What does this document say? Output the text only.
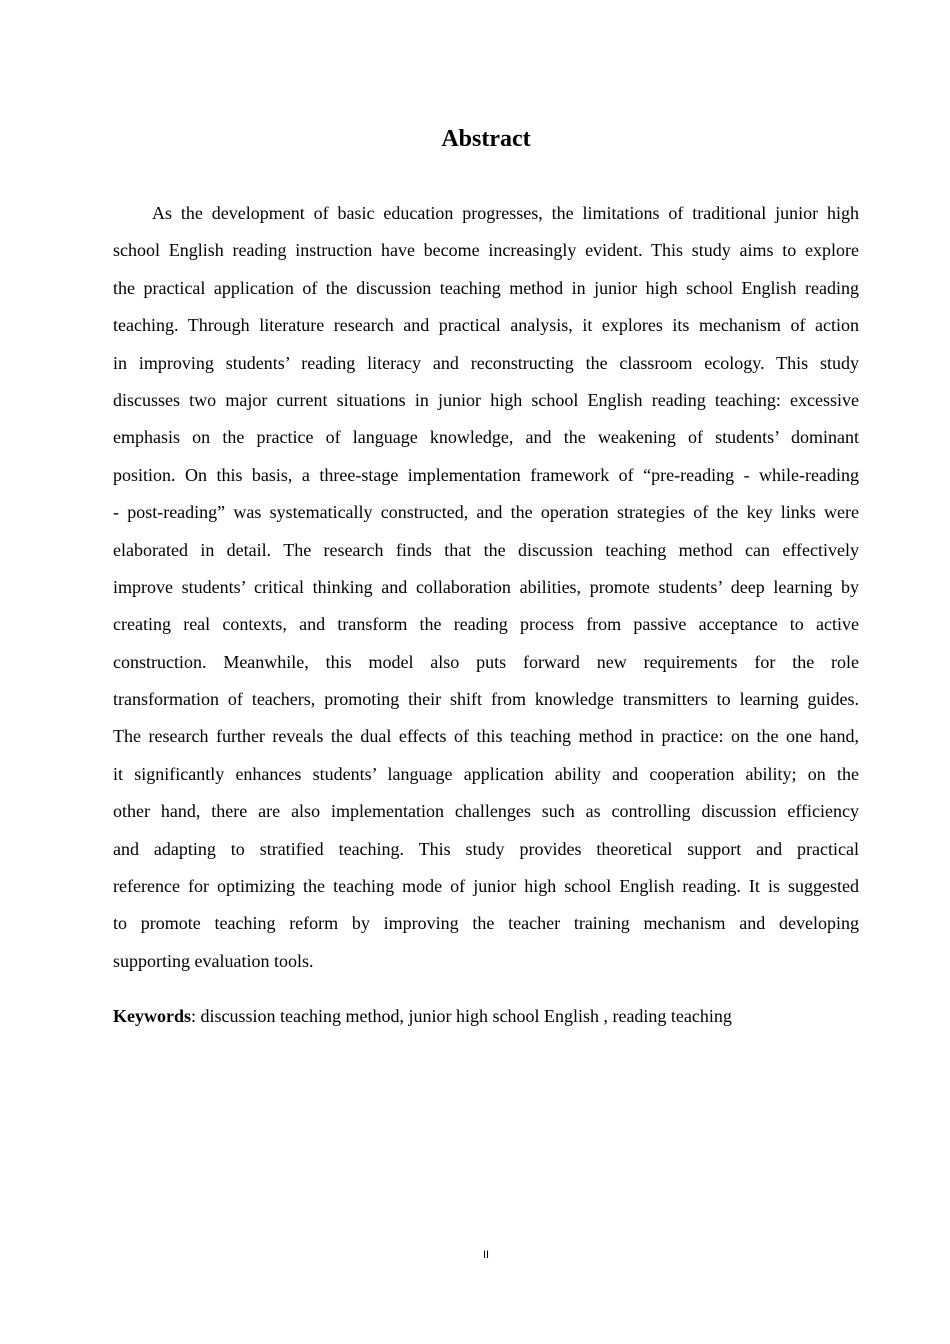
Abstract
As the development of basic education progresses, the limitations of traditional junior high
school English reading instruction have become increasingly evident. This study aims to explore
the practical application of the discussion teaching method in junior high school English reading
teaching. Through literature research and practical analysis, it explores its mechanism of action
in improving students’ reading literacy and reconstructing the classroom ecology. This study
discusses two major current situations in junior high school English reading teaching: excessive
emphasis on the practice of language knowledge, and the weakening of students’ dominant
position. On this basis, a three-stage implementation framework of “pre-reading - while-reading
- post-reading” was systematically constructed, and the operation strategies of the key links were
elaborated in detail. The research finds that the discussion teaching method can effectively
improve students’ critical thinking and collaboration abilities, promote students’ deep learning by
creating real contexts, and transform the reading process from passive acceptance to active
construction. Meanwhile, this model also puts forward new requirements for the role
transformation of teachers, promoting their shift from knowledge transmitters to learning guides.
The research further reveals the dual effects of this teaching method in practice: on the one hand,
it significantly enhances students’ language application ability and cooperation ability; on the
other hand, there are also implementation challenges such as controlling discussion efficiency
and adapting to stratified teaching. This study provides theoretical support and practical
reference for optimizing the teaching mode of junior high school English reading. It is suggested
to promote teaching reform by improving the teacher training mechanism and developing
supporting evaluation tools.
Keywords: discussion teaching method, junior high school English , reading teaching
II
